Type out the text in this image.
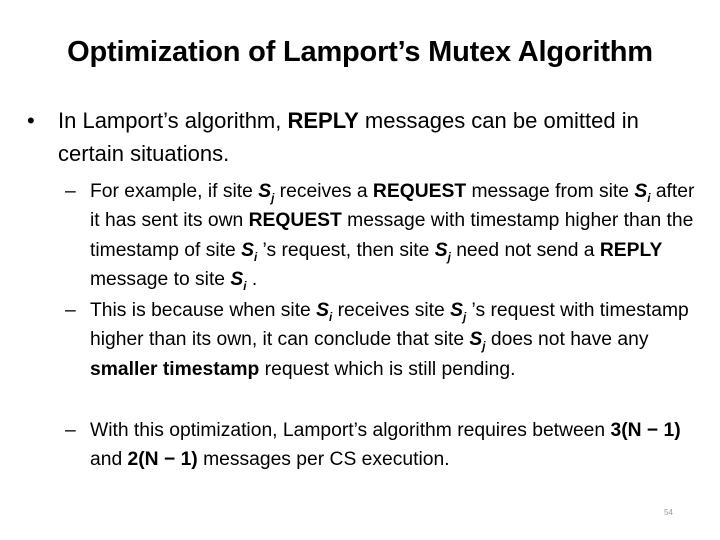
Optimization of Lamport’s Mutex Algorithm
• In Lamport’s algorithm, REPLY messages can be omitted in certain situations.
– For example, if site $S_j$ receives a REQUEST message from site $S_i$ after it has sent its own REQUEST message with timestamp higher than the timestamp of site $S_i$ ’s request, then site $S_j$ need not send a REPLY message to site $S_i$ .
– This is because when site $S_i$ receives site $S_j$ ’s request with timestamp higher than its own, it can conclude that site $S_j$ does not have any smaller timestamp request which is still pending.
– With this optimization, Lamport’s algorithm requires between 3(N − 1) and 2(N − 1) messages per CS execution.
54
